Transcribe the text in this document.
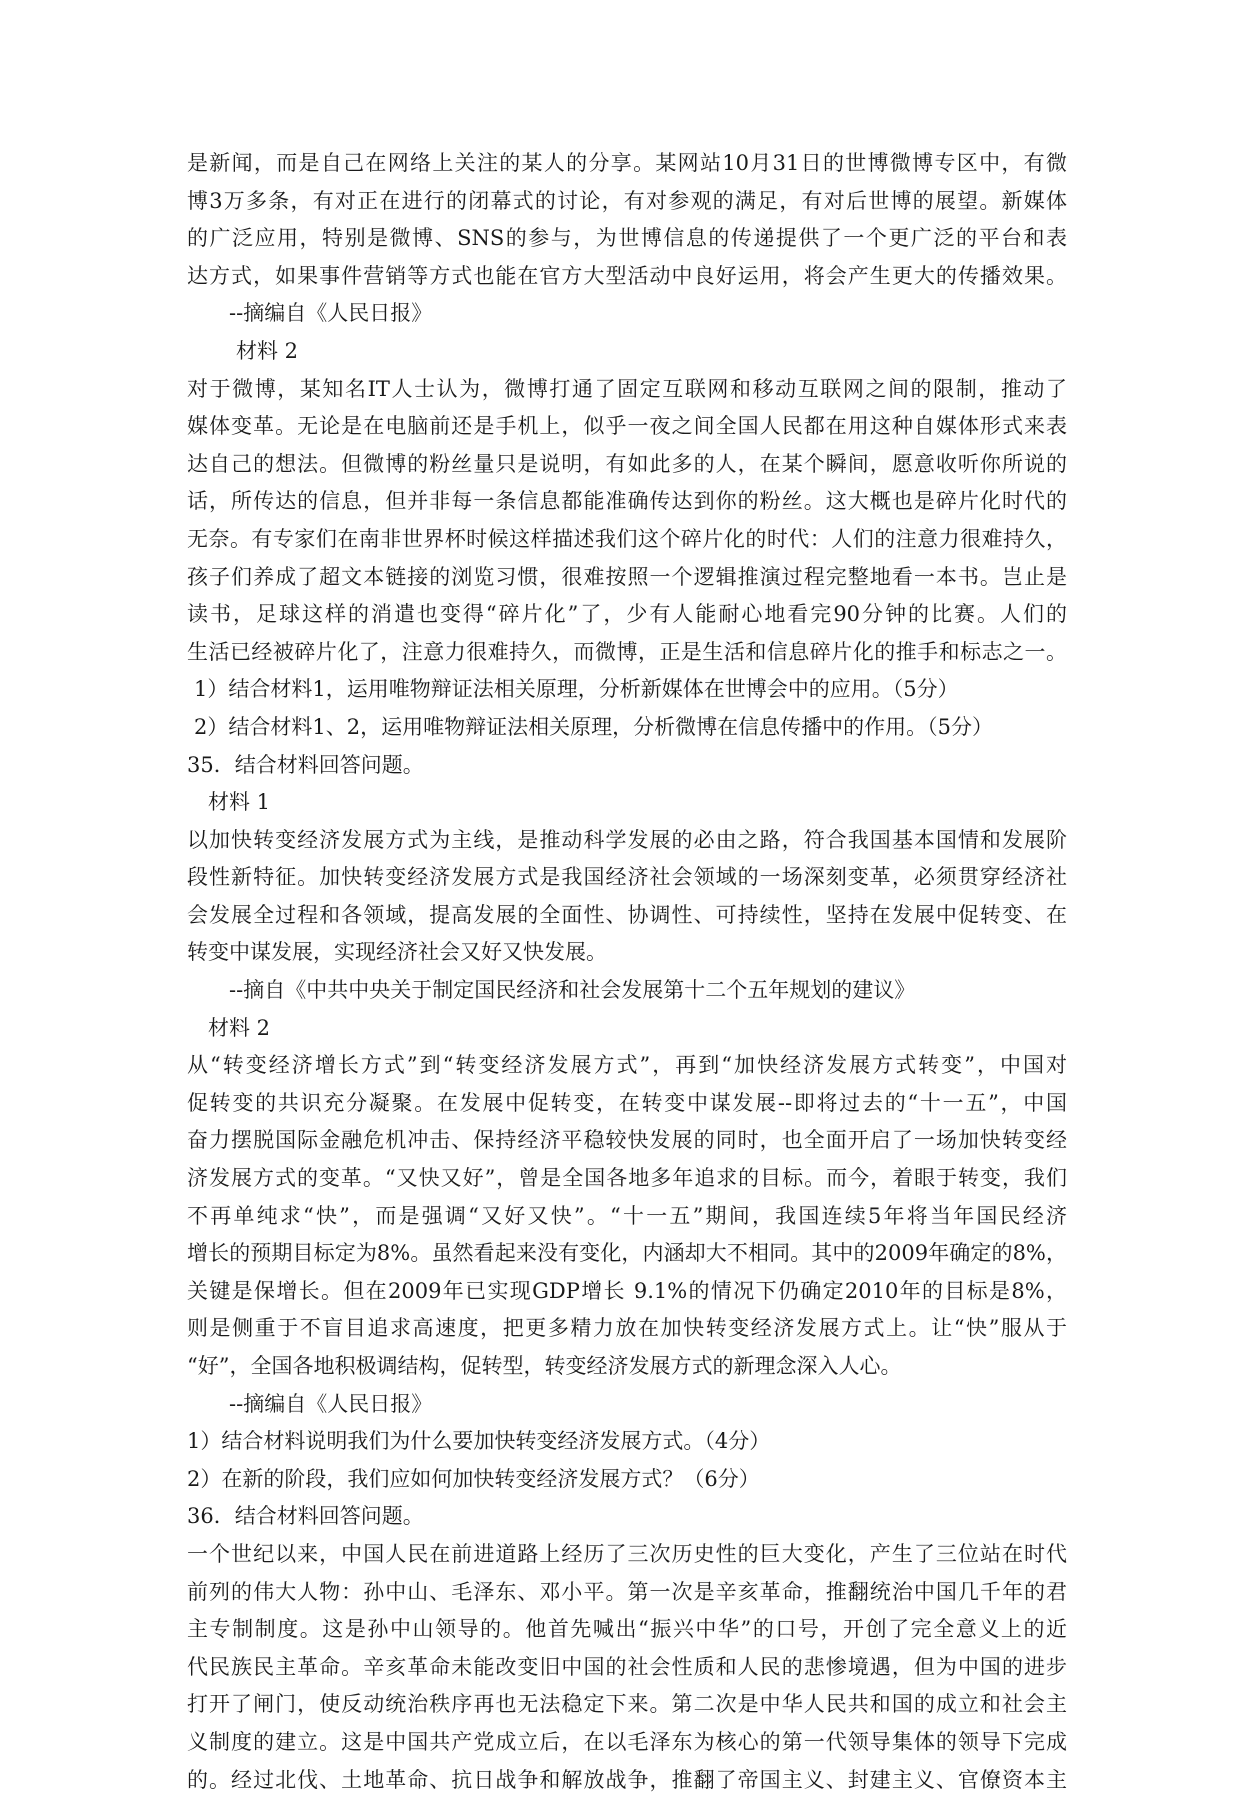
是新闻，而是自己在网络上关注的某人的分享。某网站10月31日的世博微博专区中，有微
博3万多条，有对正在进行的闭幕式的讨论，有对参观的满足，有对后世博的展望。新媒体
的广泛应用，特别是微博、SNS的参与，为世博信息的传递提供了一个更广泛的平台和表
达方式，如果事件营销等方式也能在官方大型活动中良好运用，将会产生更大的传播效果。
--摘编自《人民日报》
材料 2
对于微博，某知名IT人士认为，微博打通了固定互联网和移动互联网之间的限制，推动了
媒体变革。无论是在电脑前还是手机上，似乎一夜之间全国人民都在用这种自媒体形式来表
达自己的想法。但微博的粉丝量只是说明，有如此多的人，在某个瞬间，愿意收听你所说的
话，所传达的信息，但并非每一条信息都能准确传达到你的粉丝。这大概也是碎片化时代的
无奈。有专家们在南非世界杯时候这样描述我们这个碎片化的时代：人们的注意力很难持久，
孩子们养成了超文本链接的浏览习惯，很难按照一个逻辑推演过程完整地看一本书。岂止是
读书，足球这样的消遣也变得“碎片化”了，少有人能耐心地看完90分钟的比赛。人们的
生活已经被碎片化了，注意力很难持久，而微博，正是生活和信息碎片化的推手和标志之一。
1）结合材料1，运用唯物辩证法相关原理，分析新媒体在世博会中的应用。（5分）
2）结合材料1、2，运用唯物辩证法相关原理，分析微博在信息传播中的作用。（5分）
35．结合材料回答问题。
材料 1
以加快转变经济发展方式为主线，是推动科学发展的必由之路，符合我国基本国情和发展阶
段性新特征。加快转变经济发展方式是我国经济社会领域的一场深刻变革，必须贯穿经济社
会发展全过程和各领域，提高发展的全面性、协调性、可持续性，坚持在发展中促转变、在
转变中谋发展，实现经济社会又好又快发展。
--摘自《中共中央关于制定国民经济和社会发展第十二个五年规划的建议》
材料 2
从“转变经济增长方式”到“转变经济发展方式”，再到“加快经济发展方式转变”，中国对
促转变的共识充分凝聚。在发展中促转变，在转变中谋发展--即将过去的“十一五”，中国
奋力摆脱国际金融危机冲击、保持经济平稳较快发展的同时，也全面开启了一场加快转变经
济发展方式的变革。“又快又好”，曾是全国各地多年追求的目标。而今，着眼于转变，我们
不再单纯求“快”，而是强调“又好又快”。“十一五”期间，我国连续5年将当年国民经济
增长的预期目标定为8%。虽然看起来没有变化，内涵却大不相同。其中的2009年确定的8%，
关键是保增长。但在2009年已实现GDP增长 9.1%的情况下仍确定2010年的目标是8%，
则是侧重于不盲目追求高速度，把更多精力放在加快转变经济发展方式上。让“快”服从于
“好”，全国各地积极调结构，促转型，转变经济发展方式的新理念深入人心。
--摘编自《人民日报》
1）结合材料说明我们为什么要加快转变经济发展方式。（4分）
2）在新的阶段，我们应如何加快转变经济发展方式？（6分）
36．结合材料回答问题。
一个世纪以来，中国人民在前进道路上经历了三次历史性的巨大变化，产生了三位站在时代
前列的伟大人物：孙中山、毛泽东、邓小平。第一次是辛亥革命，推翻统治中国几千年的君
主专制制度。这是孙中山领导的。他首先喊出“振兴中华”的口号，开创了完全意义上的近
代民族民主革命。辛亥革命未能改变旧中国的社会性质和人民的悲惨境遇，但为中国的进步
打开了闸门，使反动统治秩序再也无法稳定下来。第二次是中华人民共和国的成立和社会主
义制度的建立。这是中国共产党成立后，在以毛泽东为核心的第一代领导集体的领导下完成
的。经过北伐、土地革命、抗日战争和解放战争，推翻了帝国主义、封建主义、官僚资本主
